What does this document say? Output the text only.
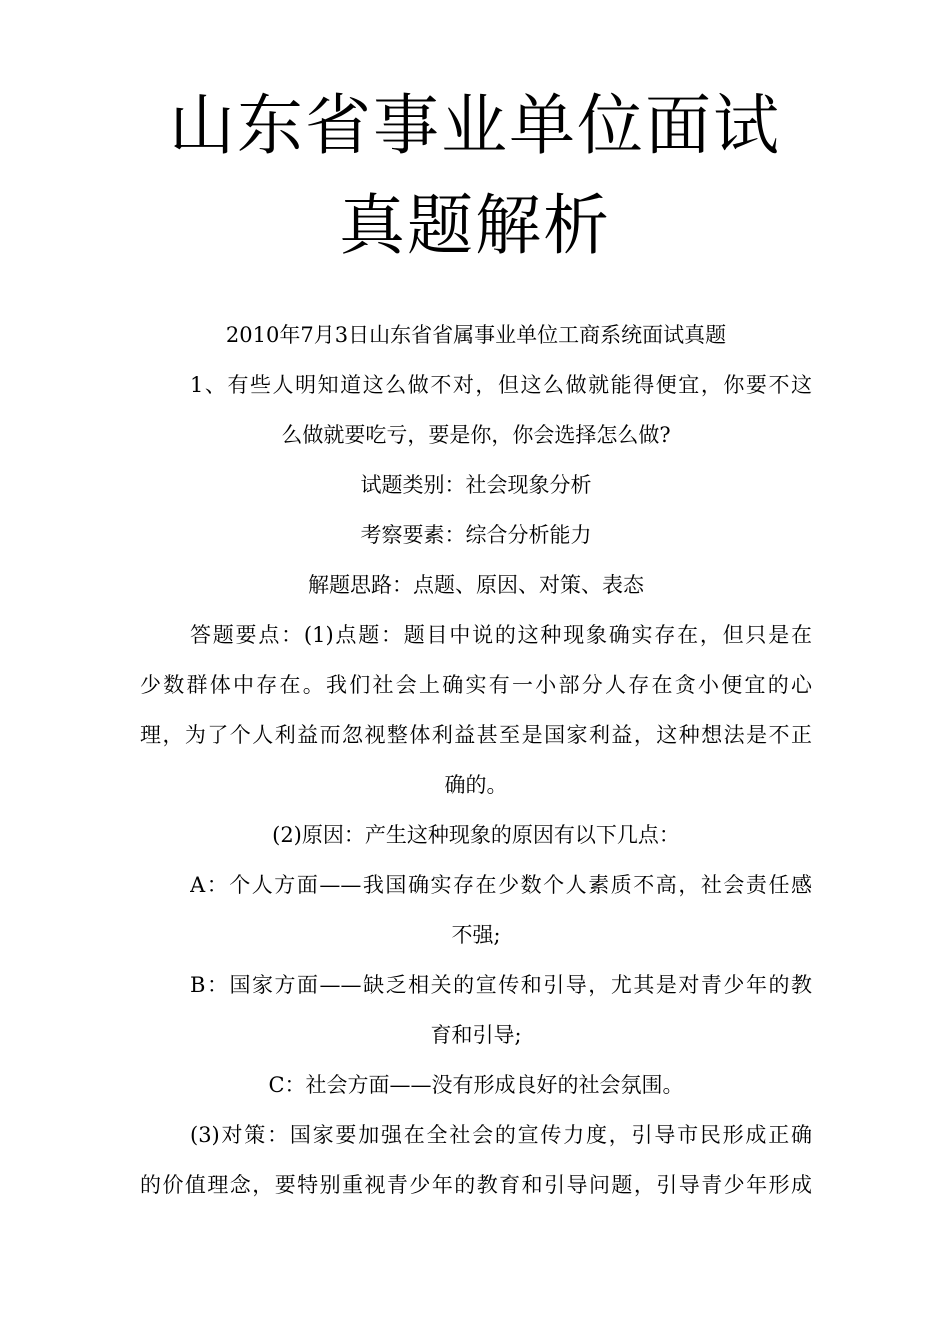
山东省事业单位面试
真题解析
2010年7月3日山东省省属事业单位工商系统面试真题
1、有些人明知道这么做不对，但这么做就能得便宜，你要不这
么做就要吃亏，要是你，你会选择怎么做?
试题类别：社会现象分析
考察要素：综合分析能力
解题思路：点题、原因、对策、表态
答题要点：(1)点题：题目中说的这种现象确实存在，但只是在
少数群体中存在。我们社会上确实有一小部分人存在贪小便宜的心
理，为了个人利益而忽视整体利益甚至是国家利益，这种想法是不正
确的。
(2)原因：产生这种现象的原因有以下几点：
A：个人方面——我国确实存在少数个人素质不高，社会责任感
不强;
B：国家方面——缺乏相关的宣传和引导，尤其是对青少年的教
育和引导;
C：社会方面——没有形成良好的社会氛围。
(3)对策：国家要加强在全社会的宣传力度，引导市民形成正确
的价值理念，要特别重视青少年的教育和引导问题，引导青少年形成
